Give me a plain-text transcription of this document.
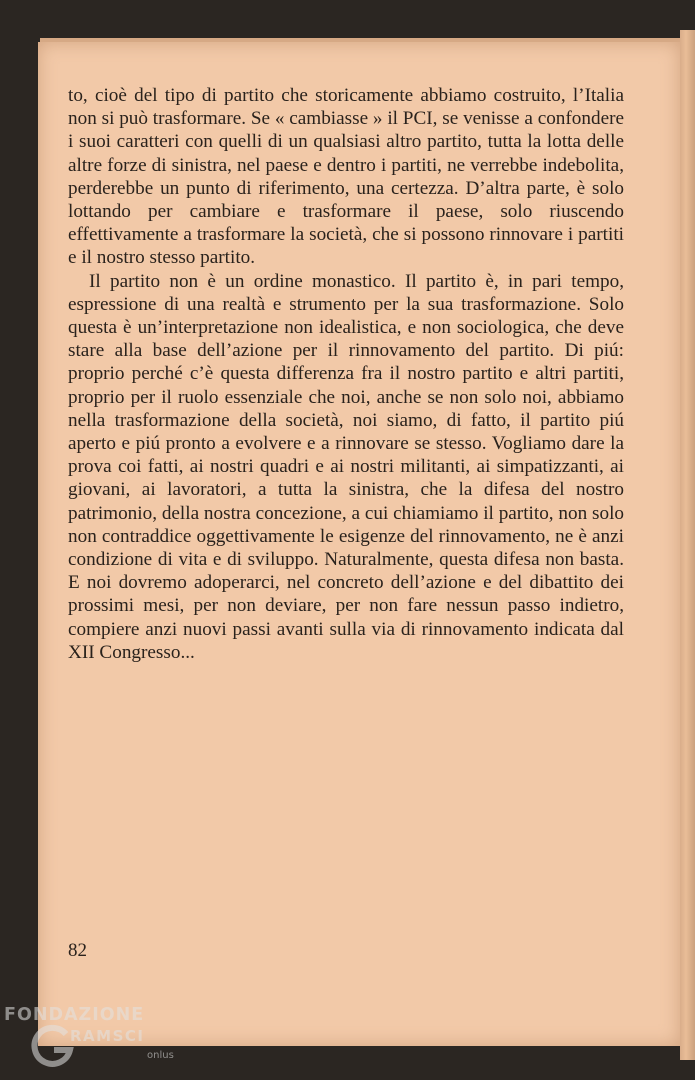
to, cioè del tipo di partito che storicamente abbiamo costruito, l’Italia non si può trasformare. Se « cambiasse » il PCI, se venisse a confondere i suoi caratteri con quelli di un qualsiasi altro partito, tutta la lotta delle altre forze di sinistra, nel paese e dentro i partiti, ne verrebbe indebolita, perderebbe un punto di riferimento, una certezza. D’altra parte, è solo lottando per cambiare e trasformare il paese, solo riuscendo effettivamente a trasformare la società, che si possono rinnovare i partiti e il nostro stesso partito.

Il partito non è un ordine monastico. Il partito è, in pari tempo, espressione di una realtà e strumento per la sua trasformazione. Solo questa è un’interpretazione non idealistica, e non sociologica, che deve stare alla base dell’azione per il rinnovamento del partito. Di piú: proprio perché c’è questa differenza fra il nostro partito e altri partiti, proprio per il ruolo essenziale che noi, anche se non solo noi, abbiamo nella trasformazione della società, noi siamo, di fatto, il partito piú aperto e piú pronto a evolvere e a rinnovare se stesso. Vogliamo dare la prova coi fatti, ai nostri quadri e ai nostri militanti, ai simpatizzanti, ai giovani, ai lavoratori, a tutta la sinistra, che la difesa del nostro patrimonio, della nostra concezione, a cui chiamiamo il partito, non solo non contraddice oggettivamente le esigenze del rinnovamento, ne è anzi condizione di vita e di sviluppo. Naturalmente, questa difesa non basta. E noi dovremo adoperarci, nel concreto dell’azione e del dibattito dei prossimi mesi, per non deviare, per non fare nessun passo indietro, compiere anzi nuovi passi avanti sulla via di rinnovamento indicata dal XII Congresso...

82
FONDAZIONE
RAMSCI
onlus
